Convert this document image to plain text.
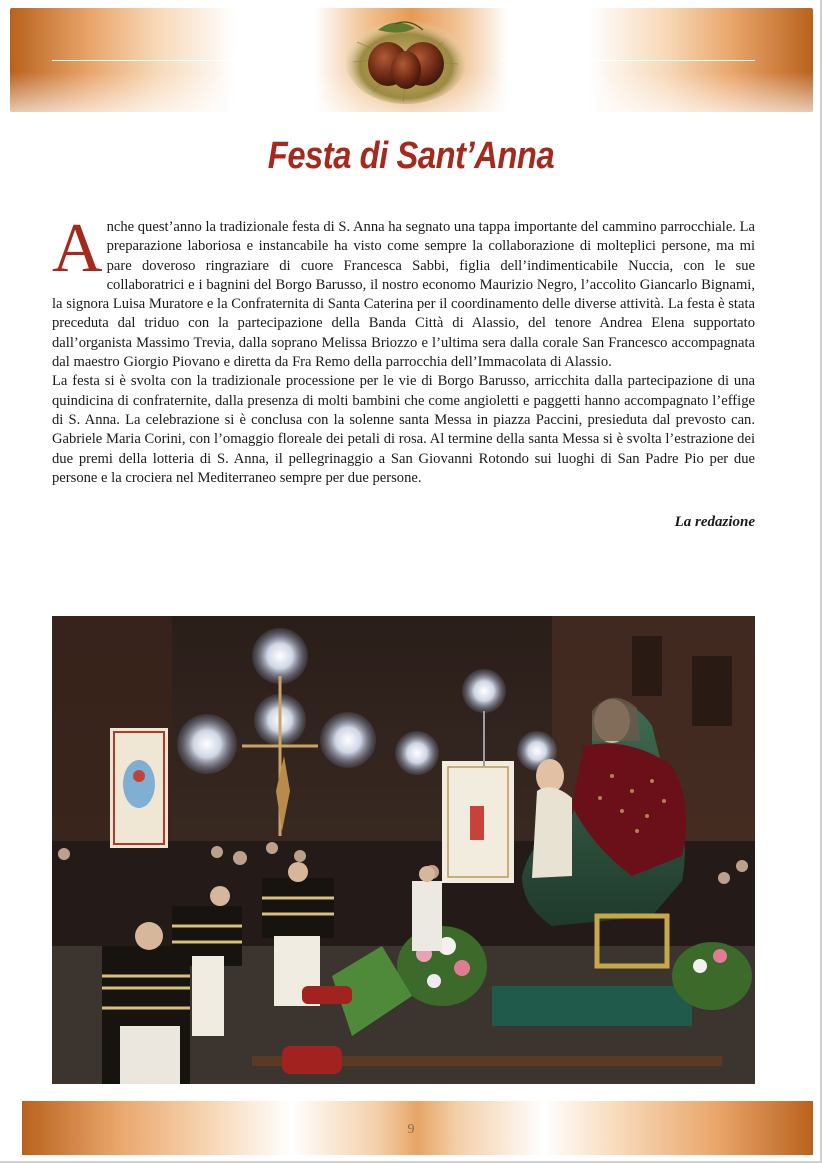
Festa di Sant’Anna

Anche quest’anno la tradizionale festa di S. Anna ha segnato una tappa importante del cammino parrocchiale. La preparazione laboriosa e instancabile ha visto come sempre la collaborazione di molteplici persone, ma mi pare doveroso ringraziare di cuore Francesca Sabbi, figlia dell’indimenticabile Nuccia, con le sue collaboratrici e i bagnini del Borgo Barusso, il nostro economo Maurizio Negro, l’accolito Giancarlo Bignami, la signora Luisa Muratore e la Confraternita di Santa Caterina per il coordinamento delle diverse attività. La festa è stata preceduta dal triduo con la partecipazione della Banda Città di Alassio, del tenore Andrea Elena supportato dall’organista Massimo Trevia, dalla soprano Melissa Briozzo e l’ultima sera dalla corale San Francesco accompagnata dal maestro Giorgio Piovano e diretta da Fra Remo della parrocchia dell’Immacolata di Alassio.

La festa si è svolta con la tradizionale processione per le vie di Borgo Barusso, arricchita dalla partecipazione di una quindicina di confraternite, dalla presenza di molti bambini che come angioletti e paggetti hanno accompagnato l’effige di S. Anna. La celebrazione si è conclusa con la solenne santa Messa in piazza Paccini, presieduta dal prevosto can. Gabriele Maria Corini, con l’omaggio floreale dei petali di rosa. Al termine della santa Messa si è svolta l’estrazione dei due premi della lotteria di S. Anna, il pellegrinaggio a San Giovanni Rotondo sui luoghi di San Padre Pio per due persone e la crociera nel Mediterraneo sempre per due persone.

La redazione
9
